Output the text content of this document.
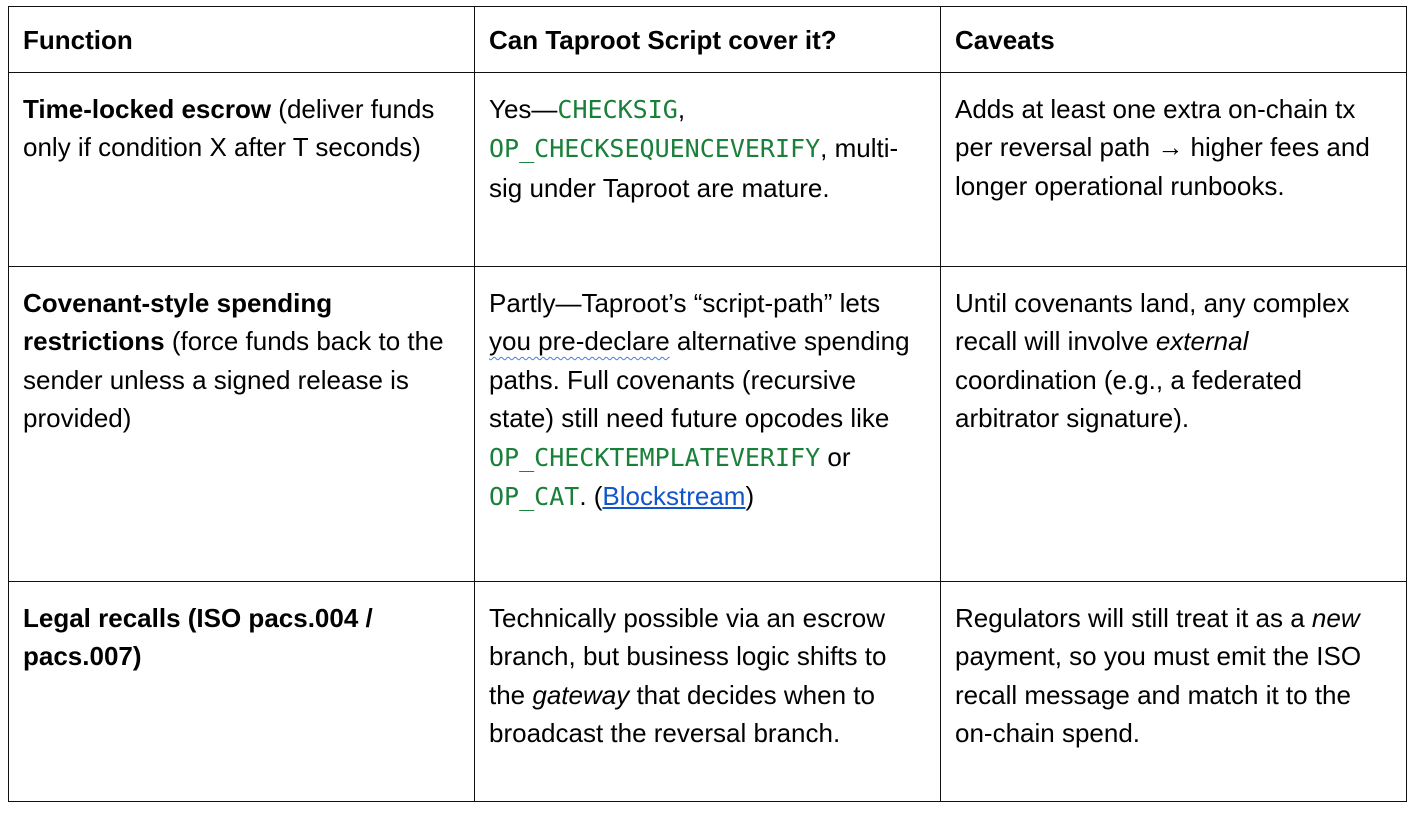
Function	Can Taproot Script cover it?	Caveats
Time-locked escrow (deliver funds only if condition X after T seconds)	Yes—CHECKSIG, OP_CHECKSEQUENCEVERIFY, multi-sig under Taproot are mature.	Adds at least one extra on-chain tx per reversal path → higher fees and longer operational runbooks.
Covenant-style spending restrictions (force funds back to the sender unless a signed release is provided)	Partly—Taproot’s “script-path” lets you pre-declare alternative spending paths. Full covenants (recursive state) still need future opcodes like OP_CHECKTEMPLATEVERIFY or OP_CAT. (Blockstream)	Until covenants land, any complex recall will involve external coordination (e.g., a federated arbitrator signature).
Legal recalls (ISO pacs.004 / pacs.007)	Technically possible via an escrow branch, but business logic shifts to the gateway that decides when to broadcast the reversal branch.	Regulators will still treat it as a new payment, so you must emit the ISO recall message and match it to the on-chain spend.
